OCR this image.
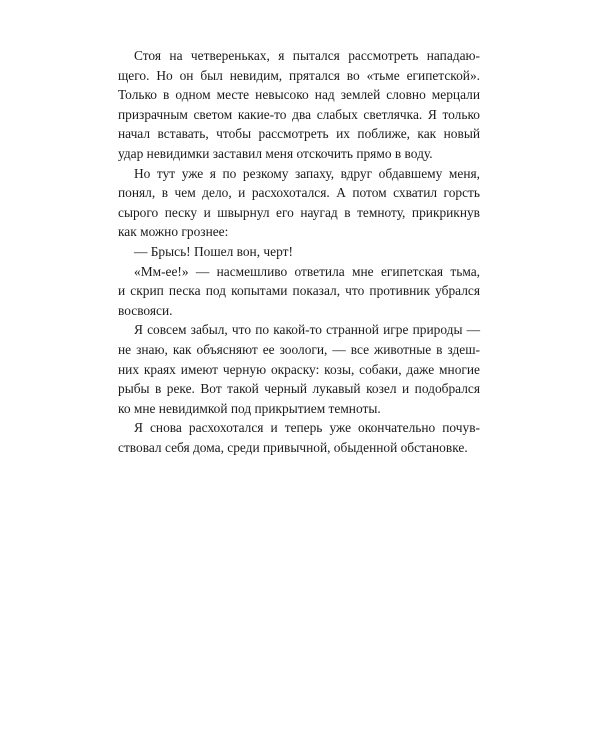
Стоя на четвереньках, я пытался рассмотреть нападаю-
щего. Но он был невидим, прятался во «тьме египетской».
Только в одном месте невысоко над землей словно мерцали
призрачным светом какие-то два слабых светлячка. Я только
начал вставать, чтобы рассмотреть их поближе, как новый
удар невидимки заставил меня отскочить прямо в воду.

Но тут уже я по резкому запаху, вдруг обдавшему меня,
понял, в чем дело, и расхохотался. А потом схватил горсть
сырого песку и швырнул его наугад в темноту, прикрикнув
как можно грознее:

— Брысь! Пошел вон, черт!

«Мм-ее!» — насмешливо ответила мне египетская тьма,
и скрип песка под копытами показал, что противник убрался
восвояси.

Я совсем забыл, что по какой-то странной игре природы —
не знаю, как объясняют ее зоологи, — все животные в здеш-
них краях имеют черную окраску: козы, собаки, даже многие
рыбы в реке. Вот такой черный лукавый козел и подобрался
ко мне невидимкой под прикрытием темноты.

Я снова расхохотался и теперь уже окончательно почув-
ствовал себя дома, среди привычной, обыденной обстановке.
